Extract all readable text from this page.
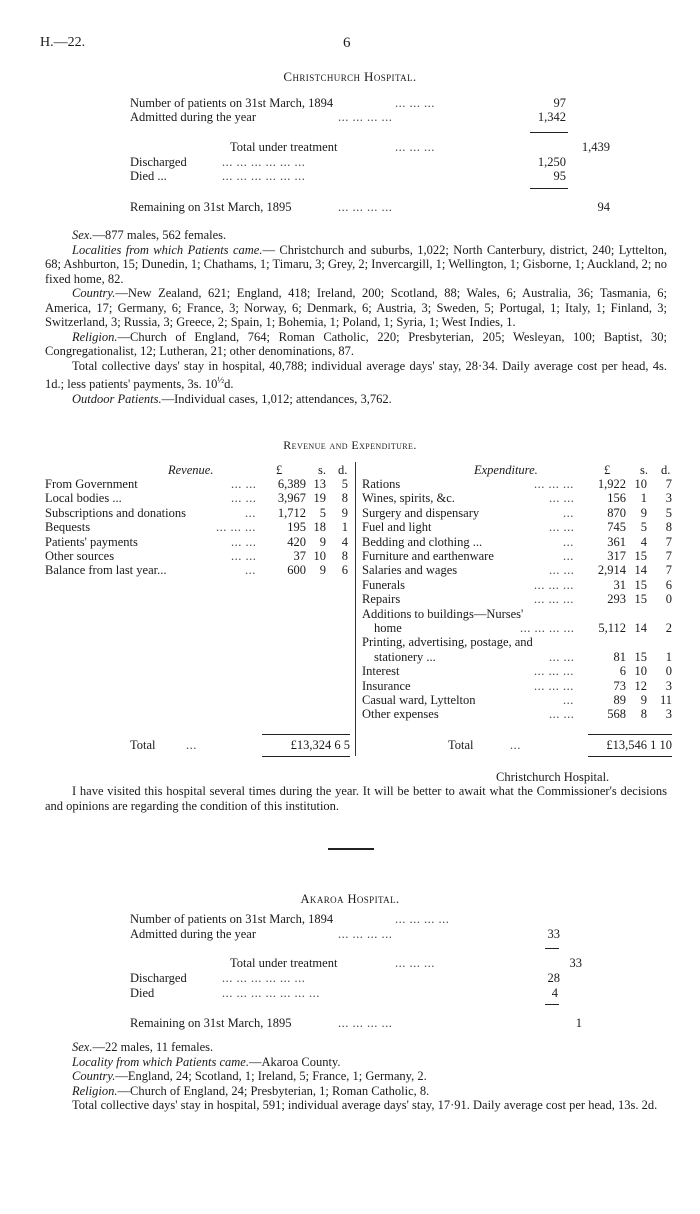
H.—22.	6
Christchurch Hospital.
Number of patients on 31st March, 1894	... ... ...	97
Admitted during the year	... ... ... ...	1,342
Total under treatment	... ... ...	1,439
Discharged	... ... ... ... ... ...	1,250
Died ...	... ... ... ... ... ...	95
Remaining on 31st March, 1895	... ... ... ...	94

Sex.—877 males, 562 females.

Localities from which Patients came.— Christchurch and suburbs, 1,022; North Canterbury, district, 240; Lyttelton, 68; Ashburton, 15; Dunedin, 1; Chathams, 1; Timaru, 3; Grey, 2; Invercargill, 1; Wellington, 1; Gisborne, 1; Auckland, 2; no fixed home, 82.

Country.—New Zealand, 621; England, 418; Ireland, 200; Scotland, 88; Wales, 6; Australia, 36; Tasmania, 6; America, 17; Germany, 6; France, 3; Norway, 6; Denmark, 6; Austria, 3; Sweden, 5; Portugal, 1; Italy, 1; Finland, 3; Switzerland, 3; Russia, 3; Greece, 2; Spain, 1; Bohemia, 1; Poland, 1; Syria, 1; West Indies, 1.

Religion.—Church of England, 764; Roman Catholic, 220; Presbyterian, 205; Wesleyan, 100; Baptist, 30; Congregationalist, 12; Lutheran, 21; other denominations, 87.

Total collective days' stay in hospital, 40,788; individual average days' stay, 28·34. Daily average cost per head, 4s. 1d.; less patients' payments, 3s. $10^{\frac{1}{2}}d$.

Outdoor Patients.—Individual cases, 1,012; attendances, 3,762.

Revenue and Expenditure.
Revenue.	£	s. d.	Expenditure.	£ s. d.
From Government	... ...	6,389 13	5
Local bodies ...	... ...	3,967 19	8
Subscriptions and donations	...	1,712	5	9
Bequests	... ... ...	195 18	1
Patients' payments	... ...	420	9	4
Other sources	... ...	37 10	8
Balance from last year...	...	600	9	6
Rations	... ... ...	1,922 10	7
Wines, spirits, &c.	... ...	156	1	3
Surgery and dispensary	...	870	9	5
Fuel and light	... ...	745	5	8
Bedding and clothing ...	...	361	4	7
Furniture and earthenware	...	317 15	7
Salaries and wages	... ...	2,914 14	7
Funerals	... ... ...	31 15	6
Repairs	... ... ...	293 15	0
Additions to buildings—Nurses'
home	... ... ... ...	5,112 14	2
Printing, advertising, postage, and
stationery ...	... ...	81 15	1
Interest	... ... ...	6 10	0
Insurance	... ... ...	73 12	3
Casual ward, Lyttelton	...	89	9 11
Other expenses	... ...	568	8	3
Total ...	£13,324 6 5	Total	...	£13,546 1 10
Christchurch Hospital.

I have visited this hospital several times during the year. It will be better to await what the Commissioner's decisions and opinions are regarding the condition of this institution.

Akaroa Hospital.
Number of patients on 31st March, 1894	... ... ... ...
Admitted during the year	... ... ... ...	33
Total under treatment	... ... ...	33
Discharged	... ... ... ... ... ...	28
Died	... ... ... ... ... ... ...	4
Remaining on 31st March, 1895	... ... ... ...	1

Sex.—22 males, 11 females.

Locality from which Patients came.—Akaroa County.

Country.—England, 24; Scotland, 1; Ireland, 5; France, 1; Germany, 2.

Religion.—Church of England, 24; Presbyterian, 1; Roman Catholic, 8.

Total collective days' stay in hospital, 591; individual average days' stay, 17·91. Daily average cost per head, 13s. 2d.
